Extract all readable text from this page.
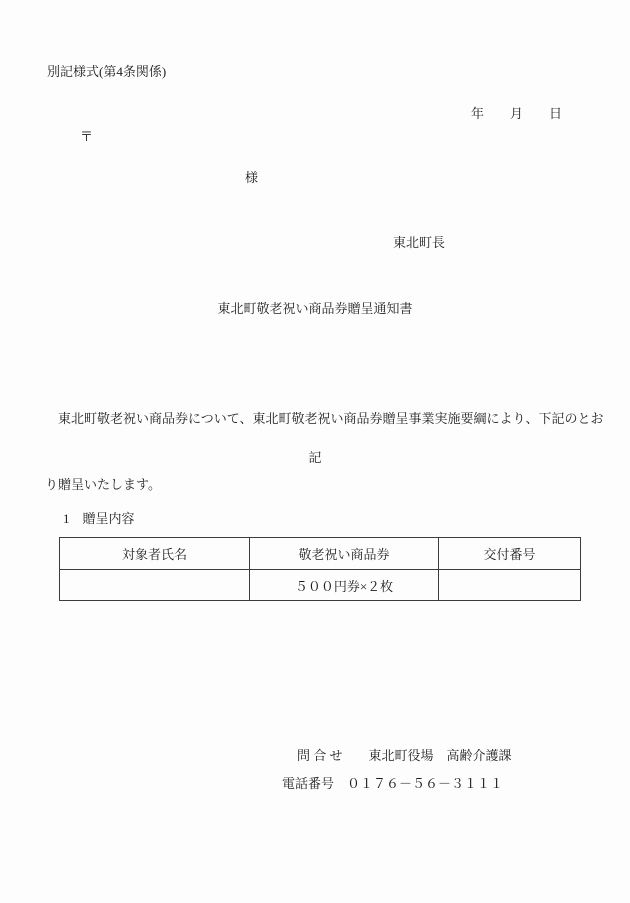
別記様式(第4条関係)
年　　月　　日
〒
様
東北町長
東北町敬老祝い商品券贈呈通知書

　東北町敬老祝い商品券について、東北町敬老祝い商品券贈呈事業実施要綱により、下記のとお

り贈呈いたします。

記
1　贈呈内容
対象者氏名	敬老祝い商品券	交付番号
	５００円券×２枚	
問 合 せ　　東北町役場　高齢介護課
電話番号　０１７６－５６－３１１１
